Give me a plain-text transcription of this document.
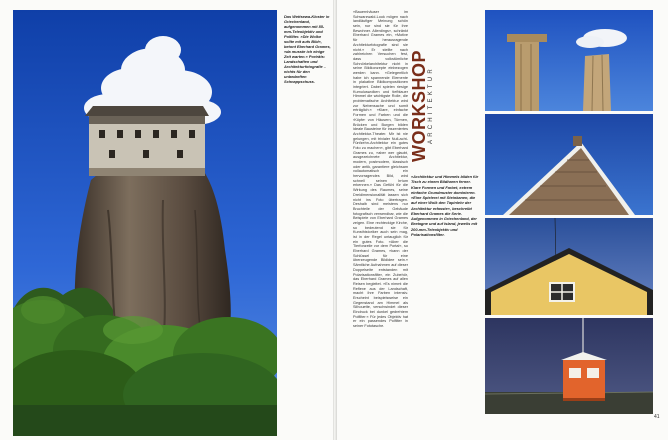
Das Wettsewa-Kloster in Griechenland, aufgenommen mit 85-mm-Teleobjektiv und Polfilter. »Die Wolke sollte mit aufs Bild«, betont Eberhard Grames, »da musste ich einige Zeit warten.« Porträts: Landschaften und Architekturfotografie – nichts für den unbedarften Schnappschuss.
»Bauernhäuser im Schwarzwald-Look mögen nach landläufiger Meinung schön sein, nur sind sie für ihre Bewohner. Allerdings«, schränkt Eberhard Grames ein, »Motive für herausragende Architekturfotografie sind sie nicht.« Er stellte nach zahlreichen Versuchen fest, dass volkstümliche Schnörkelarchitektur nicht in seine Bildkonzepte einbezogen werden kann. »Gelegentlich habe ich spannende Elemente in plakative Bildkompositionen integriert. Dabei spielen riesige Kumuluswolken und tiefblauer Himmel die wichtigste Rolle, die problematische Architektur wird zur Nebensache und somit erträglich.« »Klare, einfache Formen und Farben und die ›Köpfe‹ von Häusern, Türmen, Brücken und Burgen bilden ideale Bausteine für inszeniertes Architektur-Theater. Mir ist nie gelungen, mit trivialer Null-acht-Fünfzehn-Architektur ein gutes Foto zu machen«, gibt Eberhard Grames zu, »aber wer glaubt, ausgezeichnete Architektur, modern, postmodern, klassisch oder antik, garantiere gleichsam vollautomatisch ein hervorragendes Bild, wird schnell seinen Irrtum erkennen.« Das Gefühl für die Wirkung des Raumes, seine Dreidimensionalität lassen sich nicht ins Foto übertragen. Deshalb sind meistens nur Bruchteile der Gebäude fotografisch verwendbar, wie die Beispiele von Eberhard Grames zeigen. Eine rechteckige Kirche, so bedeutend sie für Kunsthistoriker auch sein mag, ist in der Regel untauglich für ein gutes Foto. »Aber die Tierfonzeile vor dem Portal«, so Eberhard Grames, »kann der Schlüssel für eine überzeugende Bildidee sein.« Sämtliche Aufnahmen auf dieser Doppelseite entstanden mit Polarisationsfilter, ein Zubehör, das Eberhard Grames auf allen Reisen begleitet. »Es nimmt die Reflexe aus der Landschaft, macht ihre Farben intensiv. Erscheint beispielsweise ein Gegenstand am Himmel als Silhouette, verschwindet dieser Eindruck bei dunkel gedrehtem Polfilter.« Für jedes Objektiv hat er ein passendes Polfilter in seiner Fototasche.
WORKSHOP ARCHITEKTUR
»Architektur und Himmels bilden für Tisch zu einem Bildharen ferner. Klare Formen und Farbet, extrem einfache Grundmuster dominieren. »Eine Spielerei mit Steinkanen, die auf einer Wolk den Tapinlehr der Architektur erfasste«, beschreibt Eberhard Grames die Serie. Aufgenommen in Griechenland, der Bretagne und auf Island, jeweils mit 200-mm-Teleobjektiv und Polarisationsfilter.
41
